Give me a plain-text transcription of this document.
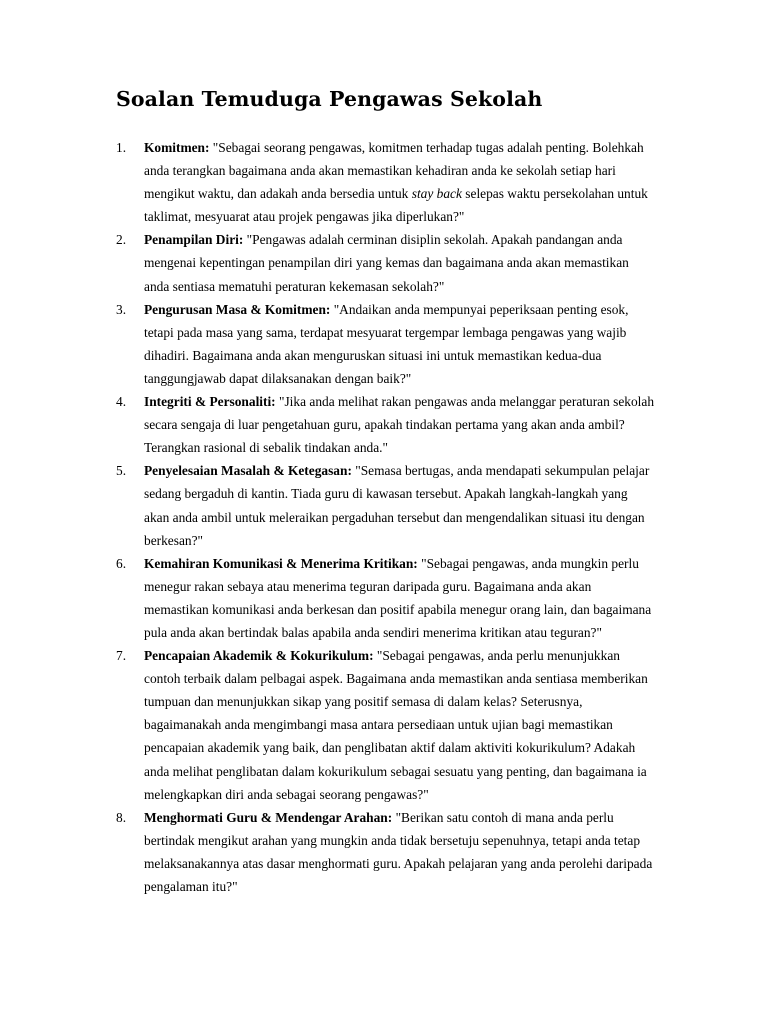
Soalan Temuduga Pengawas Sekolah
1. Komitmen: "Sebagai seorang pengawas, komitmen terhadap tugas adalah penting. Bolehkah anda terangkan bagaimana anda akan memastikan kehadiran anda ke sekolah setiap hari mengikut waktu, dan adakah anda bersedia untuk stay back selepas waktu persekolahan untuk taklimat, mesyuarat atau projek pengawas jika diperlukan?"
2. Penampilan Diri: "Pengawas adalah cerminan disiplin sekolah. Apakah pandangan anda mengenai kepentingan penampilan diri yang kemas dan bagaimana anda akan memastikan anda sentiasa mematuhi peraturan kekemasan sekolah?"
3. Pengurusan Masa & Komitmen: "Andaikan anda mempunyai peperiksaan penting esok, tetapi pada masa yang sama, terdapat mesyuarat tergempar lembaga pengawas yang wajib dihadiri. Bagaimana anda akan menguruskan situasi ini untuk memastikan kedua-dua tanggungjawab dapat dilaksanakan dengan baik?"
4. Integriti & Personaliti: "Jika anda melihat rakan pengawas anda melanggar peraturan sekolah secara sengaja di luar pengetahuan guru, apakah tindakan pertama yang akan anda ambil? Terangkan rasional di sebalik tindakan anda."
5. Penyelesaian Masalah & Ketegasan: "Semasa bertugas, anda mendapati sekumpulan pelajar sedang bergaduh di kantin. Tiada guru di kawasan tersebut. Apakah langkah-langkah yang akan anda ambil untuk meleraikan pergaduhan tersebut dan mengendalikan situasi itu dengan berkesan?"
6. Kemahiran Komunikasi & Menerima Kritikan: "Sebagai pengawas, anda mungkin perlu menegur rakan sebaya atau menerima teguran daripada guru. Bagaimana anda akan memastikan komunikasi anda berkesan dan positif apabila menegur orang lain, dan bagaimana pula anda akan bertindak balas apabila anda sendiri menerima kritikan atau teguran?"
7. Pencapaian Akademik & Kokurikulum: "Sebagai pengawas, anda perlu menunjukkan contoh terbaik dalam pelbagai aspek. Bagaimana anda memastikan anda sentiasa memberikan tumpuan dan menunjukkan sikap yang positif semasa di dalam kelas? Seterusnya, bagaimanakah anda mengimbangi masa antara persediaan untuk ujian bagi memastikan pencapaian akademik yang baik, dan penglibatan aktif dalam aktiviti kokurikulum? Adakah anda melihat penglibatan dalam kokurikulum sebagai sesuatu yang penting, dan bagaimana ia melengkapkan diri anda sebagai seorang pengawas?"
8. Menghormati Guru & Mendengar Arahan: "Berikan satu contoh di mana anda perlu bertindak mengikut arahan yang mungkin anda tidak bersetuju sepenuhnya, tetapi anda tetap melaksanakannya atas dasar menghormati guru. Apakah pelajaran yang anda perolehi daripada pengalaman itu?"
